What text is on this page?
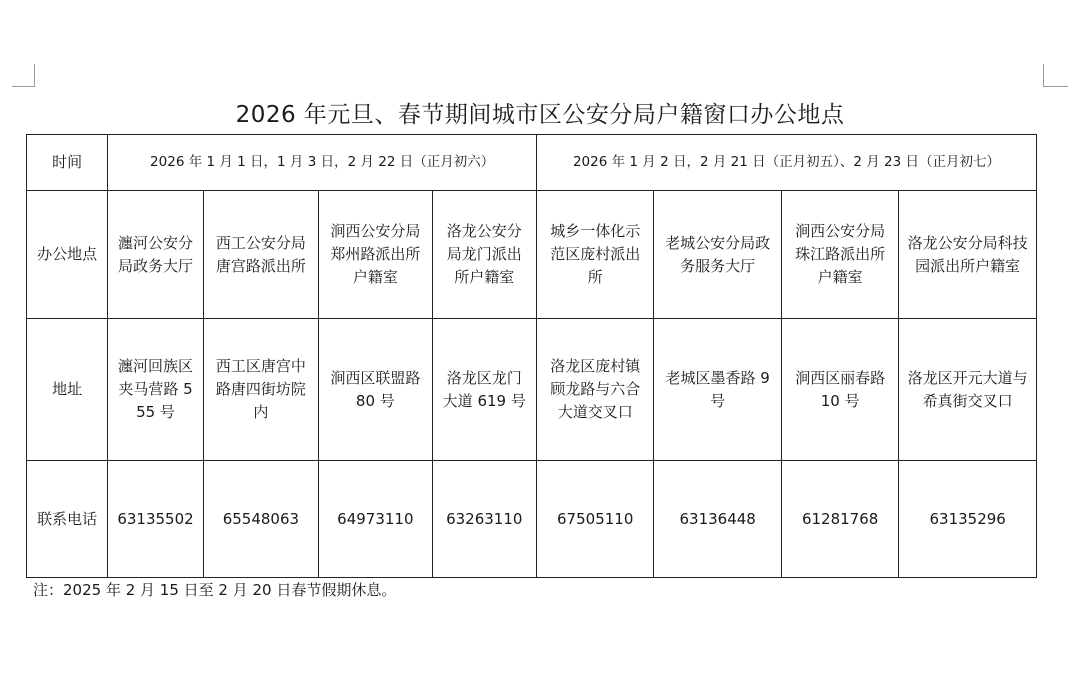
2026 年元旦、春节期间城市区公安分局户籍窗口办公地点
时间	2026 年 1 月 1 日，1 月 3 日，2 月 22 日（正月初六）				2026 年 1 月 2 日，2 月 21 日（正月初五）、2 月 23 日（正月初七）			
办公地点	瀍河公安分局政务大厅	西工公安分局唐宫路派出所	涧西公安分局郑州路派出所户籍室	洛龙公安分局龙门派出所户籍室	城乡一体化示范区庞村派出所	老城公安分局政务服务大厅	涧西公安分局珠江路派出所户籍室	洛龙公安分局科技园派出所户籍室
地址	瀍河回族区夹马营路 555 号	西工区唐宫中路唐四街坊院内	涧西区联盟路 80 号	洛龙区龙门大道 619 号	洛龙区庞村镇顾龙路与六合大道交叉口	老城区墨香路 9 号	涧西区丽春路 10 号	洛龙区开元大道与希真街交叉口
联系电话	63135502	65548063	64973110	63263110	67505110	63136448	61281768	63135296
注：2025 年 2 月 15 日至 2 月 20 日春节假期休息。
